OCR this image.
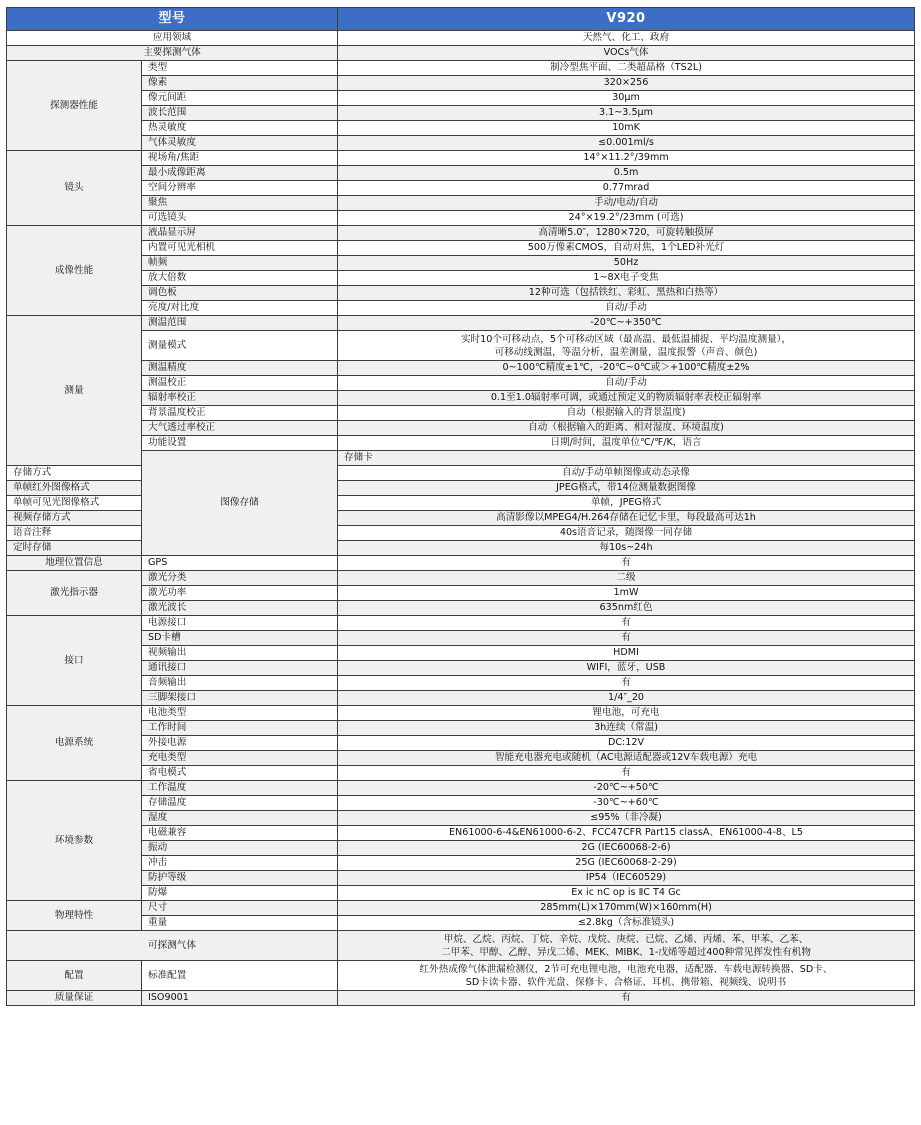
型号		V920	
应用领域		天然气、化工、政府	

主要探测气体		VOCs气体	

探测器性能	类型	制冷型焦平面、二类超晶格（TS2L)	

	像素	320×256	

	像元间距	30μm	

	波长范围	3.1~3.5μm	

	热灵敏度	10mK	

	气体灵敏度	≤0.001ml/s	

镜头	视场角/焦距	14°×11.2°/39mm	

	最小成像距离	0.5m	

	空间分辨率	0.77mrad	

	聚焦	手动/电动/自动	

	可选镜头	24°×19.2°/23mm (可选)	

成像性能	液晶显示屏	高清晰5.0″，1280×720，可旋转触摸屏	

	内置可见光相机	500万像素CMOS，自动对焦，1个LED补光灯	

	帧频	50Hz	

	放大倍数	1~8X电子变焦	

	调色板	12种可选（包括铁红、彩虹、黑热和白热等）	

	亮度/对比度	自动/手动	

测量	测温范围	-20℃~+350℃	

	测量模式	实时10个可移动点，5个可移动区域（最高温、最低温捕捉、平均温度测量），
可移动线测温，等温分析，温差测量，温度报警（声音、颜色)	

	测温精度	0~100℃精度±1℃，-20℃~0℃或＞+100℃精度±2%	

	测温校正	自动/手动	

	辐射率校正	0.1至1.0辐射率可调，或通过预定义的物质辐射率表校正辐射率	

	背景温度校正	自动（根据输入的背景温度)	

	大气透过率校正	自动（根据输入的距离、相对湿度、环境温度)	

	功能设置	日期/时间，温度单位℃/℉/K，语言	

	图像存储	存储卡	

存储方式		自动/手动单帧图像或动态录像	

单帧红外图像格式		JPEG格式，带14位测量数据图像	

单帧可见光图像格式		单帧，JPEG格式	

视频存储方式		高清影像以MPEG4/H.264存储在记忆卡里，每段最高可达1h	

语音注释		40s语音记录，随图像一同存储	

定时存储		每10s~24h	

地理位置信息	GPS	有	

激光指示器	激光分类	二级	

	激光功率	1mW	

	激光波长	635nm红色	

接口	电源接口	有	

	SD卡槽	有	

	视频输出	HDMI	

	通讯接口	WIFI，蓝牙，USB	

	音频输出	有	

	三脚架接口	1/4″_20	

电源系统	电池类型	锂电池，可充电	

	工作时间	3h连续（常温)	

	外接电源	DC:12V	

	充电类型	智能充电器充电或随机（AC电源适配器或12V车载电源）充电	

	省电模式	有	

环境参数	工作温度	-20℃~+50℃	

	存储温度	-30℃~+60℃	

	湿度	≤95%（非冷凝)	

	电磁兼容	EN61000-6-4&EN61000-6-2、FCC47CFR Part15 classA、EN61000-4-8、L5	

	振动	2G (IEC60068-2-6)	

	冲击	25G (IEC60068-2-29)	

	防护等级	IP54（IEC60529)	

	防爆	Ex ic nC op is ⅡC T4 Gc	

物理特性	尺寸	285mm(L)×170mm(W)×160mm(H)	

	重量	≤2.8kg（含标准镜头)	

可探测气体		甲烷、乙烷、丙烷、丁烷、辛烷、戊烷、庚烷、已烷、乙烯、丙烯、苯、甲苯、乙苯、
二甲苯、甲醇、乙醇、异戊二烯、MEK、MIBK、1-戊烯等超过400种常见挥发性有机物	

配置	标准配置	红外热成像气体泄漏检测仪，2节可充电锂电池，电池充电器，适配器、车载电源转换器、SD卡、
SD卡读卡器、软件光盘、保修卡、合格证、耳机、携带箱、视频线、说明书	

质量保证	ISO9001	有	
